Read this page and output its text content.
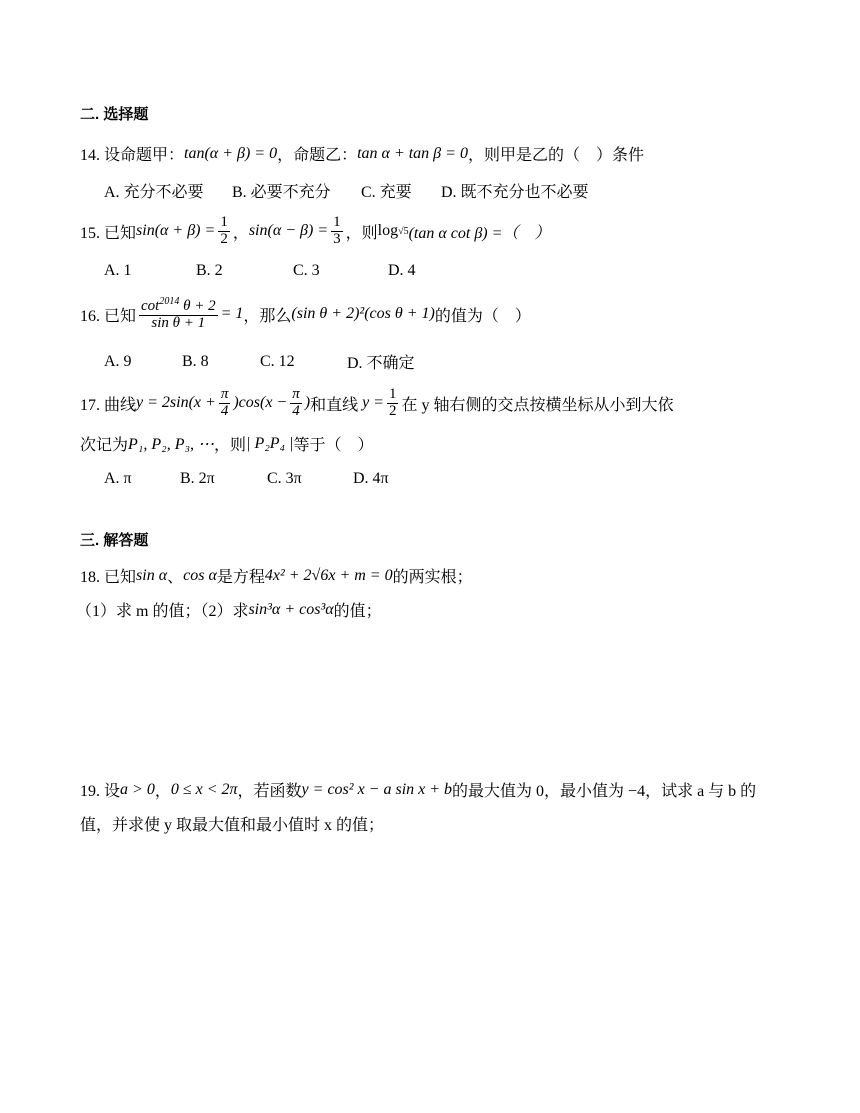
二. 选择题
14. 设命题甲： tan(α + β) = 0 ，命题乙： tan α + tan β = 0 ，则甲是乙的（　）条件
A. 充分不必要	B. 必要不充分	C. 充要	D. 既不充分也不必要
15. 已知 $\sin(\alpha + \beta) = \frac{1}{2}$ ， $\sin(\alpha - \beta) = \frac{1}{3}$ ，则 log √5 (tan α cot β) =（　）
A. 1	B. 2	C. 3	D. 4
16. 已知 $\frac{\cot^{2014} \theta + 2}{\text{sin θ + 1}} = 1$ ，那么 (sin θ + 2)²(cos θ + 1) 的值为（　）
A. 9	B. 8	C. 12	D. 不确定
17. 曲线 $y = 2\sin(x + \frac{\pi}{4} )\cos(x - \frac{\pi}{4}$ ) 和直线 $y = \frac{1}{2}$ 在 y 轴右侧的交点按横坐标从小到大依
次记为 P₁, P₂, P₃, ⋯ ，则 | P₂P₄ | 等于（　）
A. π	B. 2π	C. 3π	D. 4π
三. 解答题
18. 已知 sin α 、 cos α 是方程 4x² + 2√6x + m = 0 的两实根；
（1）求 m 的值；（2）求 sin³α + cos³α 的值；
19. 设 a > 0 ， 0 ≤ x < 2π ，若函数 y = cos² x − a sin x + b 的最大值为 0，最小值为 −4，试求 a 与 b 的
值，并求使 y 取最大值和最小值时 x 的值；
